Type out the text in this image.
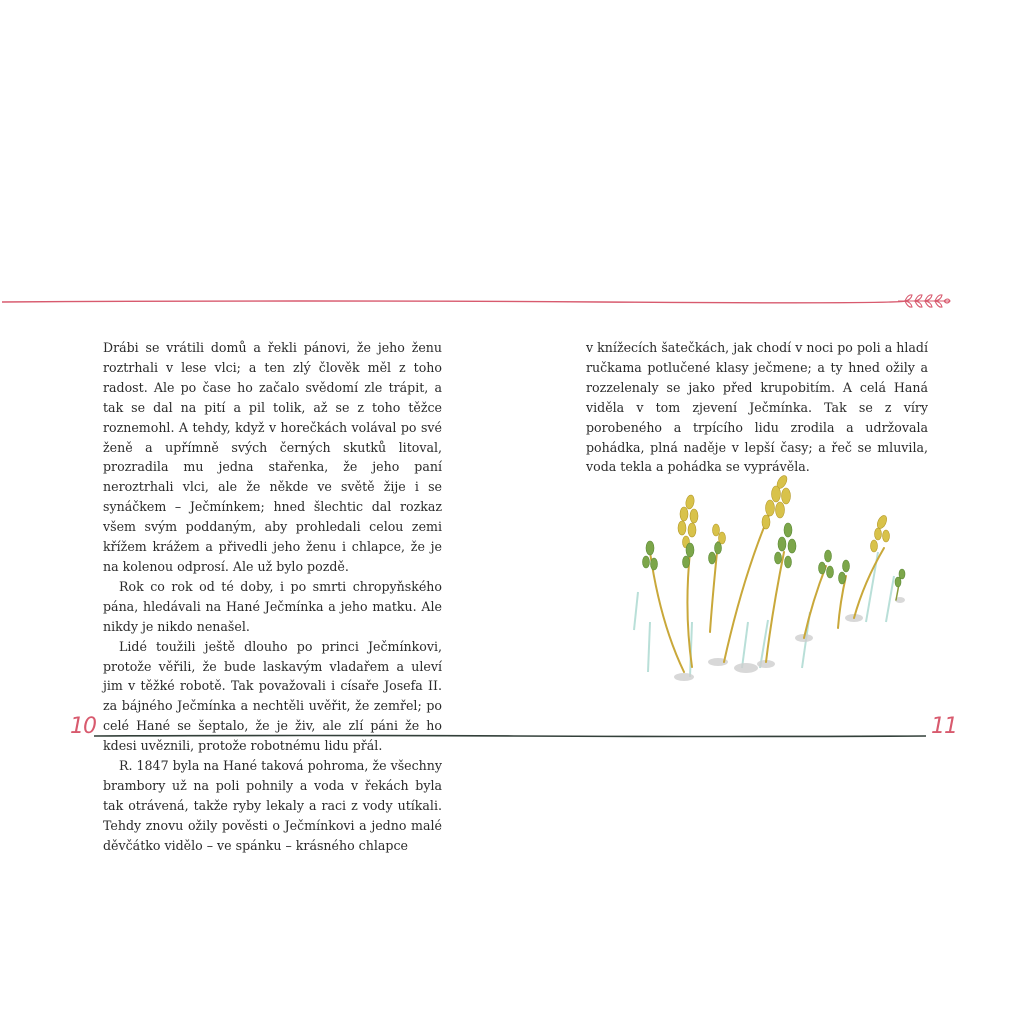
Drábi se vrátili domů a řekli pánovi, že jeho ženu roztrhali v lese vlci; a ten zlý člověk měl z toho radost. Ale po čase ho začalo svědomí zle trápit, a tak se dal na pití a pil tolik, až se z toho těžce roznemohl. A tehdy, když v horečkách volával po své ženě a upřímně svých černých skutků litoval, prozradila mu jedna stařenka, že jeho paní neroztrhali vlci, ale že někde ve světě žije i se synáčkem – Ječmínkem; hned šlechtic dal rozkaz všem svým poddaným, aby prohledali celou zemi křížem krážem a přivedli jeho ženu i chlapce, že je na kolenou odprosí. Ale už bylo pozdě.

Rok co rok od té doby, i po smrti chropyňského pána, hledávali na Hané Ječmínka a jeho matku. Ale nikdy je nikdo nenašel.

Lidé toužili ještě dlouho po princi Ječmínkovi, protože věřili, že bude laskavým vladařem a uleví jim v těžké robotě. Tak považovali i císaře Josefa II. za bájného Ječmínka a nechtěli uvěřit, že zemřel; po celé Hané se šeptalo, že je živ, ale zlí páni že ho kdesi uvěznili, protože robotnému lidu přál.

R. 1847 byla na Hané taková pohroma, že všechny brambory už na poli pohnily a voda v řekách byla tak otrávená, takže ryby lekaly a raci z vody utíkali. Tehdy znovu ožily pověsti o Ječmínkovi a jedno malé děvčátko vidělo – ve spánku – krásného chlapce

v knížecích šatečkách, jak chodí v noci po poli a hladí ručkama potlučené klasy ječmene; a ty hned ožily a rozzelenaly se jako před krupobitím. A celá Haná viděla v tom zjevení Ječmínka. Tak se z víry porobeného a trpícího lidu zrodila a udržovala pohádka, plná naděje v lepší časy; a řeč se mluvila, voda tekla a pohádka se vyprávěla.

10	11
